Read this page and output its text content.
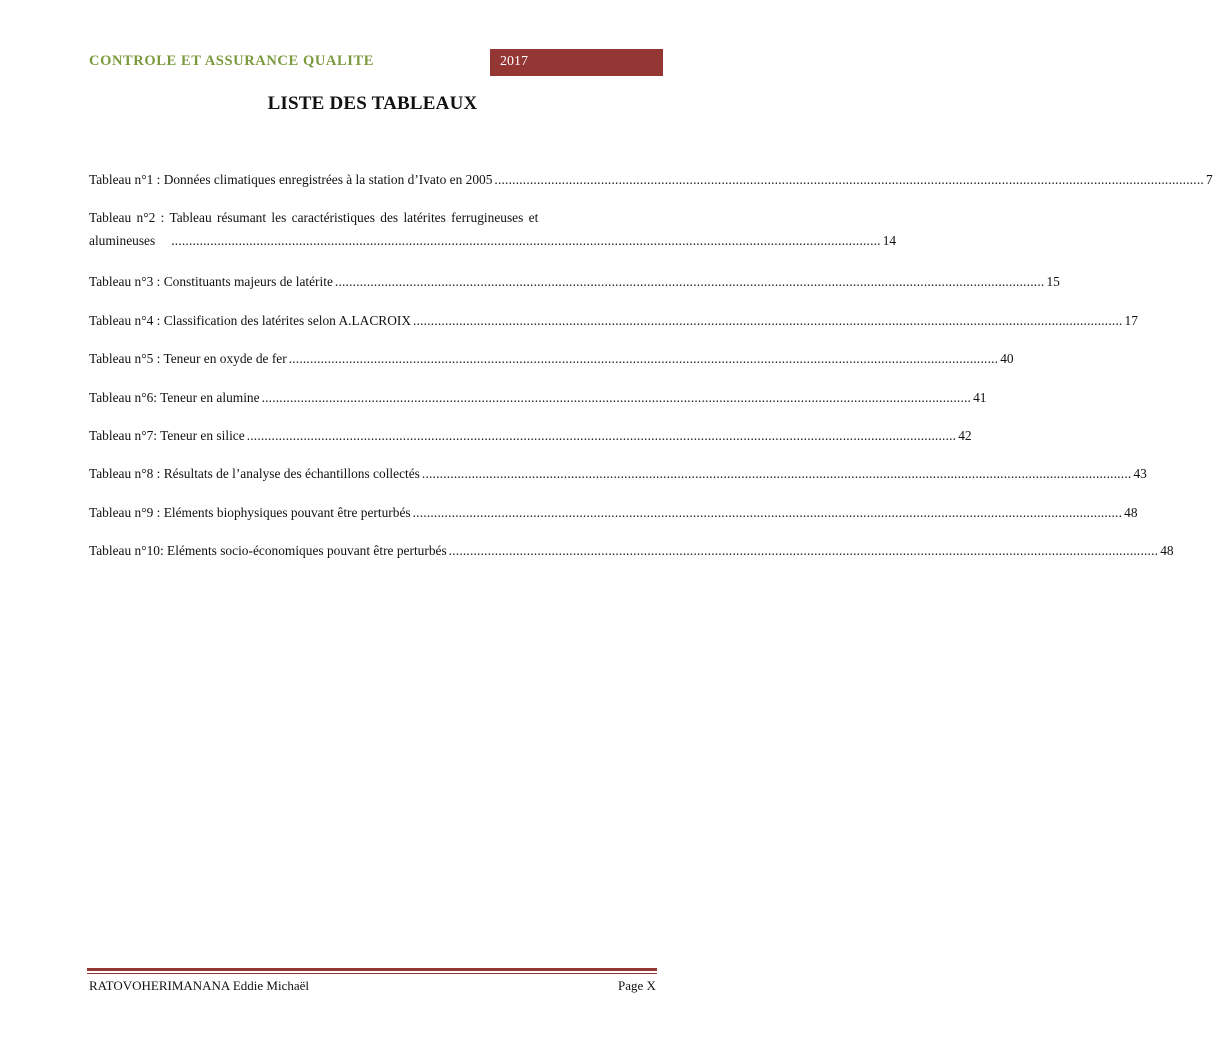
CONTROLE ET ASSURANCE QUALITE	2017
LISTE DES TABLEAUX
Tableau n°1 : Données climatiques enregistrées à la station d’Ivato en 2005 ........................................................................................................................................................................................................ 7
Tableau n°2 : Tableau résumant les caractéristiques des latérites ferrugineuses et
alumineuses ........................................................................................................................................................................................................ 14
Tableau n°3 : Constituants majeurs de latérite ........................................................................................................................................................................................................ 15
Tableau n°4 : Classification des latérites selon A.LACROIX ........................................................................................................................................................................................................ 17
Tableau n°5 : Teneur en oxyde de fer ........................................................................................................................................................................................................ 40
Tableau n°6: Teneur en alumine ........................................................................................................................................................................................................ 41
Tableau n°7: Teneur en silice ........................................................................................................................................................................................................ 42
Tableau n°8 : Résultats de l’analyse des échantillons collectés ........................................................................................................................................................................................................ 43
Tableau n°9 : Eléments biophysiques pouvant être perturbés ........................................................................................................................................................................................................ 48
Tableau n°10: Eléments socio-économiques pouvant être perturbés ........................................................................................................................................................................................................ 48
RATOVOHERIMANANA Eddie Michaël	Page X
